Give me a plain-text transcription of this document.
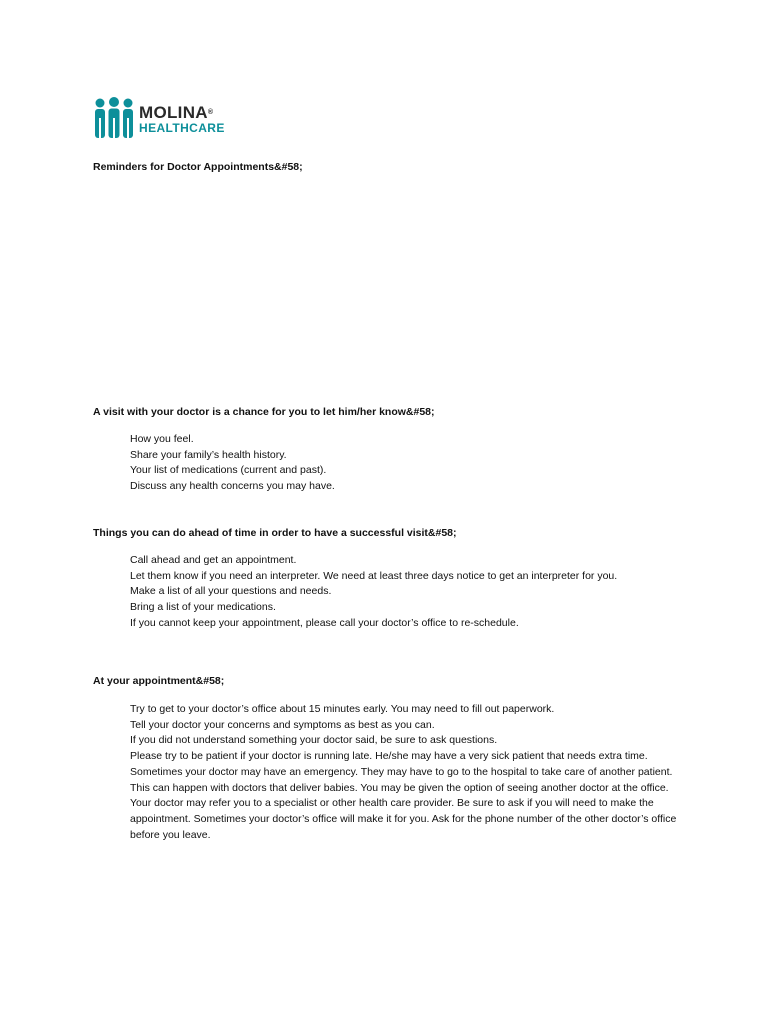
MOLINA®
HEALTHCARE
Reminders for Doctor Appointments&#58;
A visit with your doctor is a chance for you to let him/her know&#58;
How you feel.
Share your family’s health history.
Your list of medications (current and past).
Discuss any health concerns you may have.
Things you can do ahead of time in order to have a successful visit&#58;
Call ahead and get an appointment.
Let them know if you need an interpreter. We need at least three days notice to get an interpreter for you.
Make a list of all your questions and needs.
Bring a list of your medications.
If you cannot keep your appointment, please call your doctor’s office to re-schedule.
At your appointment&#58;
Try to get to your doctor’s office about 15 minutes early. You may need to fill out paperwork.
Tell your doctor your concerns and symptoms as best as you can.
If you did not understand something your doctor said, be sure to ask questions.
Please try to be patient if your doctor is running late. He/she may have a very sick patient that needs extra time.
Sometimes your doctor may have an emergency. They may have to go to the hospital to take care of another patient. This can happen with doctors that deliver babies. You may be given the option of seeing another doctor at the office.
Your doctor may refer you to a specialist or other health care provider. Be sure to ask if you will need to make the appointment. Sometimes your doctor’s office will make it for you. Ask for the phone number of the other doctor’s office before you leave.
